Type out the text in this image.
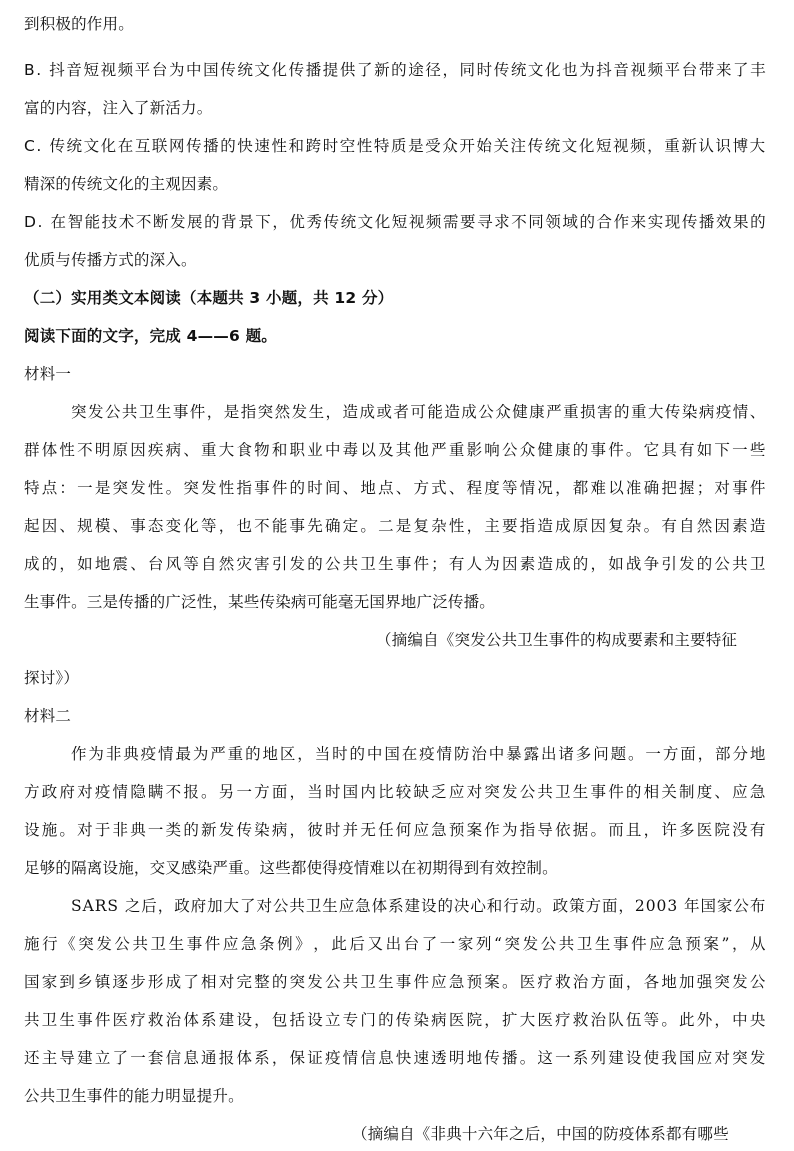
到积极的作用。

B .
抖 音 短 视 频 平 台 为 中 国 传 统 文 化 传 播 提 供 了 新 的 途 径 ， 同 时 传 统 文 化 也 为 抖 音 视 频 平 台 带 来 了 丰

富的内容，注入了新活力。

C .
传 统 文 化 在 互 联 网 传 播 的 快 速 性 和 跨 时 空 性 特 质 是 受 众 开 始 关 注 传 统 文 化 短 视 频 ， 重 新 认 识 博 大

精深的传统文化的主观因素。

D .
在 智 能 技 术 不 断 发 展 的 背 景 下 ， 优 秀 传 统 文 化 短 视 频 需 要 寻 求 不 同 领 域 的 合 作 来 实 现 传 播 效 果 的

优质与传播方式的深入。

（二）实用类文本阅读（本题共 3 小题，共 12 分）

阅读下面的文字，完成 4——6 题。

材料一

突 发 公 共 卫 生 事 件 ， 是 指 突 然 发 生 ， 造 成 或 者 可 能 造 成 公 众 健 康 严 重 损 害 的 重 大 传 染 病 疫 情 、

群 体 性 不 明 原 因 疾 病 、 重 大 食 物 和 职 业 中 毒 以 及 其 他 严 重 影 响 公 众 健 康 的 事 件 。 它 具 有 如 下 一 些

特 点 ： 一 是 突 发 性 。 突 发 性 指 事 件 的 时 间 、 地 点 、 方 式 、 程 度 等 情 况 ， 都 难 以 准 确 把 握 ； 对 事 件

起 因 、 规 模 、 事 态 变 化 等 ， 也 不 能 事 先 确 定 。 二 是 复 杂 性 ， 主 要 指 造 成 原 因 复 杂 。 有 自 然 因 素 造

成 的 ， 如 地 震 、 台 风 等 自 然 灾 害 引 发 的 公 共 卫 生 事 件 ； 有 人 为 因 素 造 成 的 ， 如 战 争 引 发 的 公 共 卫

生事件。三是传播的广泛性，某些传染病可能毫无国界地广泛传播。

（摘编自《突发公共卫生事件的构成要素和主要特征

探讨》）

材料二

作 为 非 典 疫 情 最 为 严 重 的 地 区 ， 当 时 的 中 国 在 疫 情 防 治 中 暴 露 出 诸 多 问 题 。 一 方 面 ， 部 分 地

方 政 府 对 疫 情 隐 瞒 不 报 。 另 一 方 面 ， 当 时 国 内 比 较 缺 乏 应 对 突 发 公 共 卫 生 事 件 的 相 关 制 度 、 应 急

设 施 。 对 于 非 典 一 类 的 新 发 传 染 病 ， 彼 时 并 无 任 何 应 急 预 案 作 为 指 导 依 据 。 而 且 ， 许 多 医 院 没 有

足够的隔离设施，交叉感染严重。这些都使得疫情难以在初期得到有效控制。

S A R S
之 后 ， 政 府 加 大 了 对 公 共 卫 生 应 急 体 系 建 设 的 决 心 和 行 动 。 政 策 方 面 ， 2 0 0 3
年 国 家 公 布

施 行 《 突 发 公 共 卫 生 事 件 应 急 条 例 》 ， 此 后 又 出 台 了 一 家 列 “ 突 发 公 共 卫 生 事 件 应 急 预 案 ” ， 从

国 家 到 乡 镇 逐 步 形 成 了 相 对 完 整 的 突 发 公 共 卫 生 事 件 应 急 预 案 。 医 疗 救 治 方 面 ， 各 地 加 强 突 发 公

共 卫 生 事 件 医 疗 救 治 体 系 建 设 ， 包 括 设 立 专 门 的 传 染 病 医 院 ， 扩 大 医 疗 救 治 队 伍 等 。 此 外 ， 中 央

还 主 导 建 立 了 一 套 信 息 通 报 体 系 ， 保 证 疫 情 信 息 快 速 透 明 地 传 播 。 这 一 系 列 建 设 使 我 国 应 对 突 发

公共卫生事件的能力明显提升。

（摘编自《非典十六年之后，中国的防疫体系都有哪些
